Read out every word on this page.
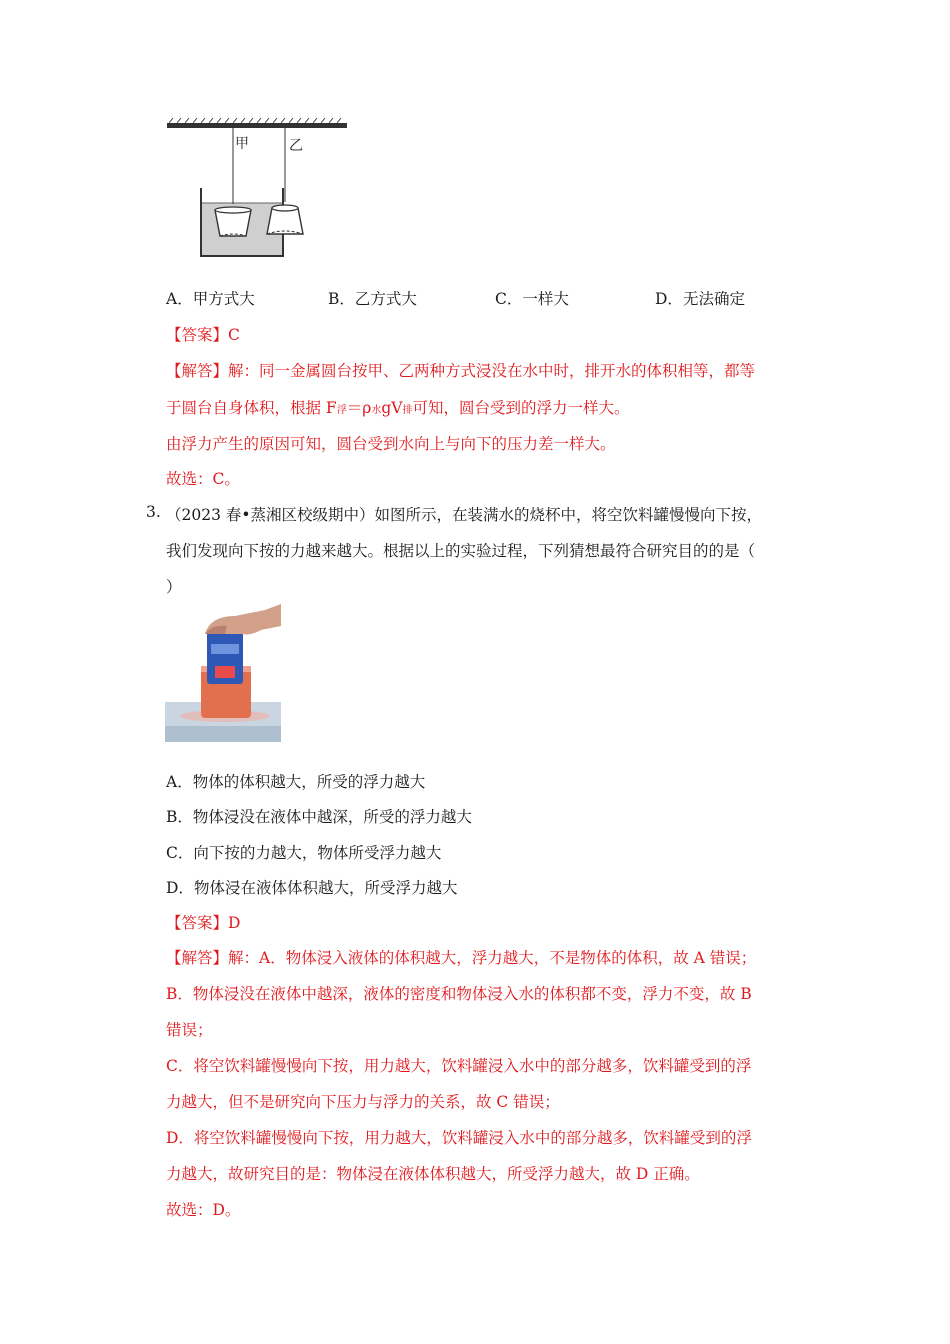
甲	乙
A．甲方式大	B．乙方式大	C．一样大	D．无法确定
【答案】C
【解答】解：同一金属圆台按甲、乙两种方式浸没在水中时，排开水的体积相等，都等
于圆台自身体积，根据 F浮＝ρ水gV排可知，圆台受到的浮力一样大。
由浮力产生的原因可知，圆台受到水向上与向下的压力差一样大。
故选：C。
3. （2023 春•蒸湘区校级期中）如图所示，在装满水的烧杯中，将空饮料罐慢慢向下按，
我们发现向下按的力越来越大。根据以上的实验过程，下列猜想最符合研究目的的是（
）
A．物体的体积越大，所受的浮力越大
B．物体浸没在液体中越深，所受的浮力越大
C．向下按的力越大，物体所受浮力越大
D．物体浸在液体体积越大，所受浮力越大
【答案】D
【解答】解：A．物体浸入液体的体积越大，浮力越大，不是物体的体积，故 A 错误；
B．物体浸没在液体中越深，液体的密度和物体浸入水的体积都不变，浮力不变，故 B
错误；
C．将空饮料罐慢慢向下按，用力越大，饮料罐浸入水中的部分越多，饮料罐受到的浮
力越大，但不是研究向下压力与浮力的关系，故 C 错误；
D．将空饮料罐慢慢向下按，用力越大，饮料罐浸入水中的部分越多，饮料罐受到的浮
力越大，故研究目的是：物体浸在液体体积越大，所受浮力越大，故 D 正确。
故选：D。
